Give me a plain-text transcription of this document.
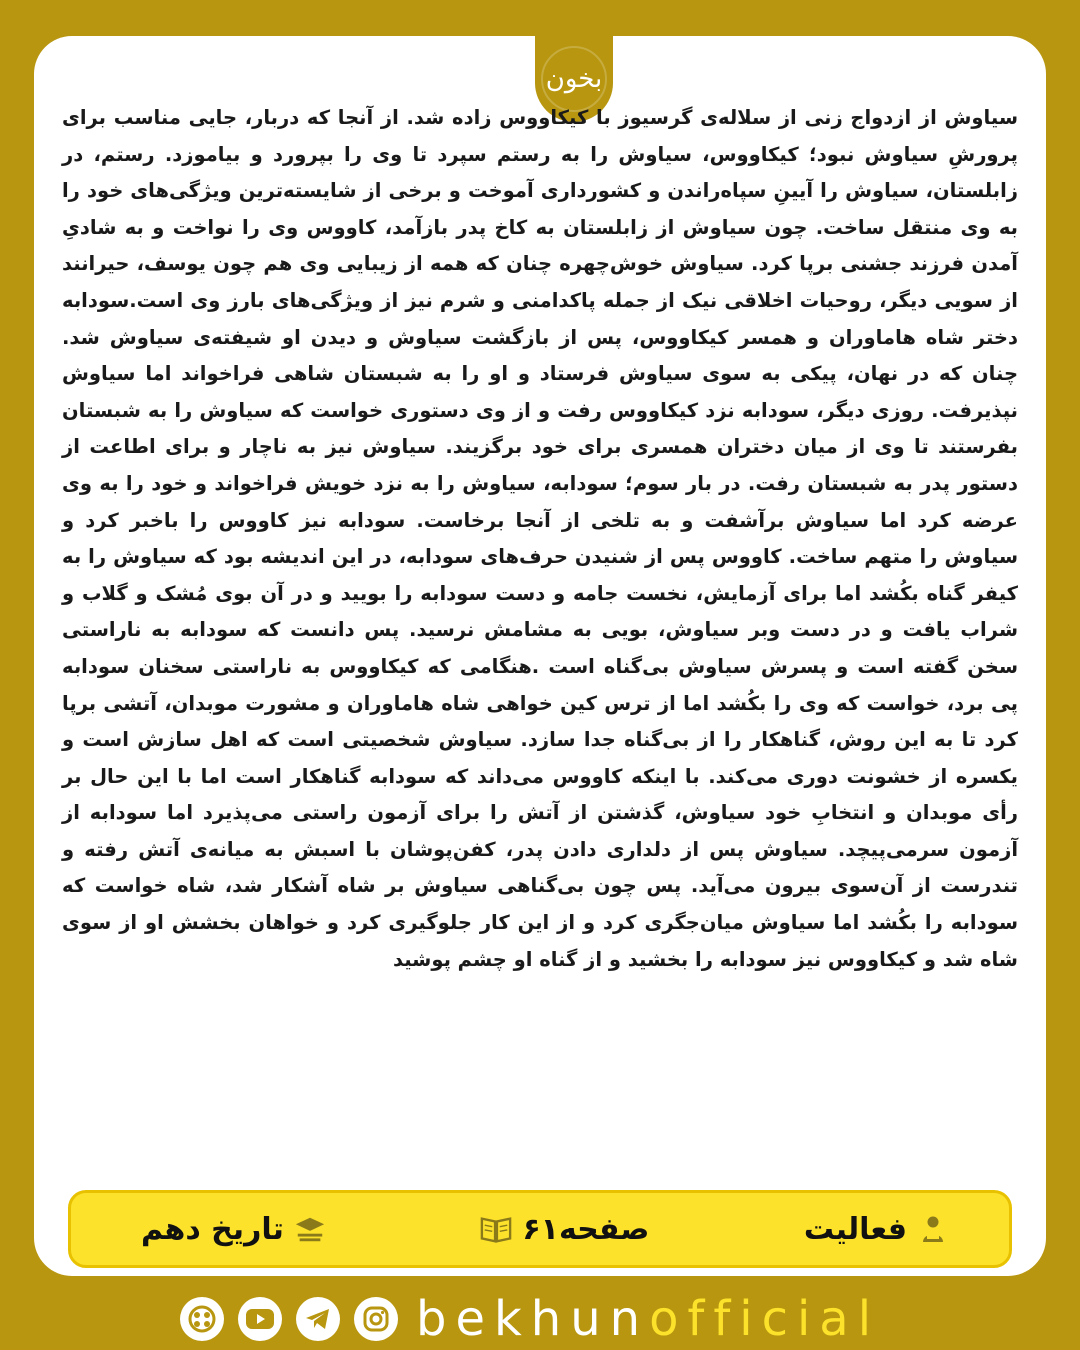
بخون

سیاوش از ازدواج زنی از سلاله‌ی گرسیوز با کیکاووس زاده شد. از آنجا که دربار، جایی مناسب برای پرورشِ سیاوش نبود؛ کیکاووس، سیاوش را به رستم سپرد تا وی را بپرورد و بیاموزد. رستم، در زابلستان، سیاوش را آیینِ سپاه‌راندن و کشورداری آموخت و برخی از شایسته‌ترین ویژگی‌های خود را به وی منتقل ساخت. چون سیاوش از زابلستان به کاخ پدر بازآمد، کاووس وی را نواخت و به شادیِ آمدن فرزند جشنی برپا کرد. سیاوش خوش‌چهره چنان که همه از زیبایی وی هم چون یوسف، حیرانند از سویی دیگر، روحیات اخلاقی نیک از جمله پاکدامنی و شرم نیز از ویژگی‌های بارز وی است.سودابه دختر شاه هاماوران و همسر کیکاووس، پس از بازگشت سیاوش و دیدن او شیفته‌ی سیاوش شد. چنان که در نهان، پیکی به سوی سیاوش فرستاد و او را به شبستان شاهی فراخواند اما سیاوش نپذیرفت. روزی دیگر، سودابه نزد کیکاووس رفت و از وی دستوری خواست که سیاوش را به شبستان بفرستند تا وی از میان دختران همسری برای خود برگزیند. سیاوش نیز به ناچار و برای اطاعت از دستور پدر به شبستان رفت. در بار سوم؛ سودابه، سیاوش را به نزد خویش فراخواند و خود را به وی عرضه کرد اما سیاوش برآشفت و به تلخی از آنجا برخاست. سودابه نیز کاووس را باخبر کرد و سیاوش را متهم ساخت. کاووس پس از شنیدن حرف‌های سودابه، در این اندیشه بود که سیاوش را به کیفر گناه بکُشد اما برای آزمایش، نخست جامه و دست سودابه را بویید و در آن بوی مُشک و گلاب و شراب یافت و در دست وبر سیاوش، بویی به مشامش نرسید. پس دانست که سودابه به ناراستی سخن گفته است و پسرش سیاوش بی‌گناه است .هنگامی که کیکاووس به ناراستی سخنان سودابه پی برد، خواست که وی را بکُشد اما از ترس کین خواهی شاه هاماوران و مشورت موبدان، آتشی برپا کرد تا به این روش، گناهکار را از بی‌گناه جدا سازد. سیاوش شخصیتی است که اهل سازش است و یکسره از خشونت دوری می‌کند. با اینکه کاووس می‌داند که سودابه گناهکار است اما با این حال بر رأی موبدان و انتخابِ خود سیاوش، گذشتن از آتش را برای آزمون راستی می‌پذیرد اما سودابه از آزمون سرمی‌پیچد. سیاوش پس از دلداری دادن پدر، کفن‌پوشان با اسبش به میانه‌ی آتش رفته و تندرست از آن‌سوی بیرون می‌آید. پس چون بی‌گناهی سیاوش بر شاه آشکار شد، شاه خواست که سودابه را بکُشد اما سیاوش میان‌جگری کرد و از این کار جلوگیری کرد و خواهان بخشش او از سوی شاه شد و کیکاووس نیز سودابه را بخشید و از گناه او چشم پوشید

فعالیت
صفحه۶۱
تاریخ دهم
bekhunofficial
